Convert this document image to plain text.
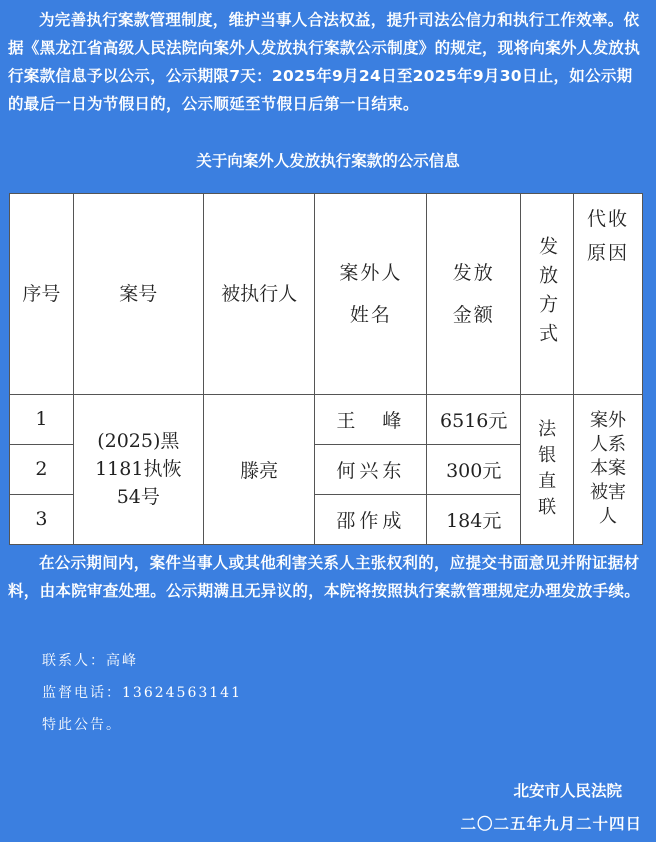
为完善执行案款管理制度，维护当事人合法权益，提升司法公信力和执行工作效率。依据《黑龙江省高级人民法院向案外人发放执行案款公示制度》的规定，现将向案外人发放执行案款信息予以公示，公示期限7天：2025年9月24日至2025年9月30日止，如公示期的最后一日为节假日的，公示顺延至节假日后第一日结束。

关于向案外人发放执行案款的公示信息
序号	案号	被执行人	案外人姓名	发放金额	发放方式	代收原因

1	(2025)黑1181执恢54号	滕亮	王　峰	6516元	法银直联	案外人系本案被害人

2			何兴东	300元		
3			邵作成	184元		

在公示期间内，案件当事人或其他利害关系人主张权利的，应提交书面意见并附证据材料，由本院审查处理。公示期满且无异议的，本院将按照执行案款管理规定办理发放手续。

联系人：高峰
监督电话：13624563141
特此公告。
北安市人民法院
二〇二五年九月二十四日
